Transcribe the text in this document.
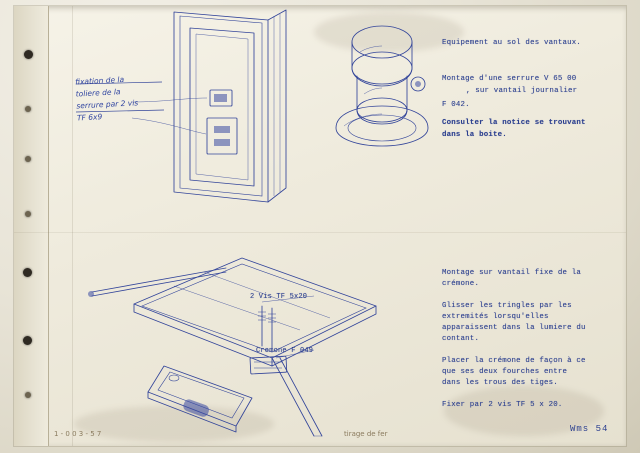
fixation de la
toliere de la
serrure par 2 vis
TF 6x9
Equipement au sol des vantaux.
Montage d'une serrure V 65 00
, sur vantail journalier
F 042.
Consulter la notice se trouvant
dans la boite.
Montage sur vantail fixe de la
crémone.
Glisser les tringles par les
extremités lorsqu'elles
apparaissent dans la lumiere du
contant.
Placer la crémone de façon à ce
que ses deux fourches entre
dans les trous des tiges.
Fixer par 2 vis TF 5 x 20.
2 Vis TF 5x20
Cremone F 049
1 - 0 0 3 - 5 7	tirage de fer	Wms 54
